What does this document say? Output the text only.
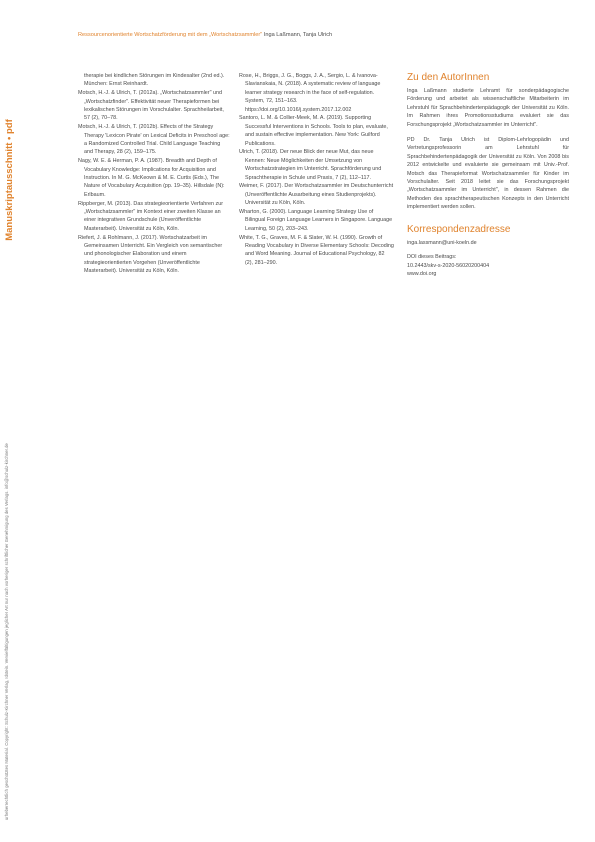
urheberrechtlich geschütztes Material. Copyright: Schulz-Kirchner Verlag, Idstein. Vervielfältigungen jeglicher Art nur nach vorheriger schriftlicher Genehmigung des Verlags. info@schulz-kirchner.de
Manuskriptausschnitt • pdf
Ressourcenorientierte Wortschatzförderung mit dem „Wortschatzsammler" Inga Laßmann, Tanja Ulrich
therapie bei kindlichen Störungen im Kindesalter (2nd ed.). München: Ernst Reinhardt.
Motsch, H.-J. & Ulrich, T. (2012a). „Wortschatzsammler" und „Wortschatzfinder". Effektivität neuer Therapieformen bei lexikalischen Störungen im Vorschulalter. Sprachheilarbeit, 57 (2), 70–78.
Motsch, H.-J. & Ulrich, T. (2012b). Effects of the Strategy Therapy 'Lexicon Pirate' on Lexical Deficits in Preschool age: a Randomized Controlled Trial. Child Language Teaching and Therapy, 28 (2), 159–175.
Nagy, W. E. & Herman, P. A. (1987). Breadth and Depth of Vocabulary Knowledge: Implications for Acquisition and Instruction. In M. G. McKeown & M. E. Curtis (Eds.), The Nature of Vocabulary Acquisition (pp. 19–35). Hillsdale (N): Erlbaum.
Rippberger, M. (2013). Das strategieorientierte Verfahren zur „Wortschatzsammler" im Kontext einer zweiten Klasse an einer integrativen Grundschule (Unveröffentlichte Masterarbeit). Universität zu Köln, Köln.
Riefert, J. & Rohlmann, J. (2017). Wortschatzarbeit im Gemeinsamen Unterricht. Ein Vergleich von semantischer und phonologischer Elaboration und einem strategieorientierten Vorgehen (Unveröffentlichte Masterarbeit). Universität zu Köln, Köln.
Rose, H., Briggs, J. G., Boggs, J. A., Sergio, L. & Ivanova-Slavianskaia, N. (2018). A systematic review of language learner strategy research in the face of self-regulation. System, 72, 151–163. https://doi.org/10.1016/j.system.2017.12.002
Santoro, L. M. & Collier-Meek, M. A. (2019). Supporting Successful Interventions in Schools. Tools to plan, evaluate, and sustain effective implementation. New York: Guilford Publications.
Ulrich, T. (2018). Der neue Blick der neue Mut, das neue Kennen: Neue Möglichkeiten der Umsetzung von Wortschatzstrategien im Unterricht. Sprachförderung und Sprachtherapie in Schule und Praxis, 7 (2), 112–117.
Weimer, F. (2017). Der Wortschatzsammler im Deutschunterricht (Unveröffentlichte Ausarbeitung eines Studienprojekts). Universität zu Köln, Köln.
Wharton, G. (2000). Language Learning Strategy Use of Bilingual Foreign Language Learners in Singapore. Language Learning, 50 (2), 203–243.
White, T. G., Graves, M. F. & Slater, W. H. (1990). Growth of Reading Vocabulary in Diverse Elementary Schools: Decoding and Word Meaning. Journal of Educational Psychology, 82 (2), 281–290.
Zu den AutorInnen
Inga Laßmann studierte Lehramt für sonderpädagogische Förderung und arbeitet als wissenschaftliche Mitarbeiterin im Lehrstuhl für Sprachbehindertenpädagogik der Universität zu Köln. Im Rahmen ihres Promotionsstudiums evaluiert sie das Forschungsprojekt „Wortschatzsammler im Unterricht".
PD Dr. Tanja Ulrich ist Diplom-Lehrlogopädin und Vertretungsprofessorin am Lehrstuhl für Sprachbehindertenpädagogik der Universität zu Köln. Von 2008 bis 2012 entwickelte und evaluierte sie gemeinsam mit Univ.-Prof. Motsch das Therapieformat Wortschatzsammler für Kinder im Vorschulalter. Seit 2018 leitet sie das Forschungsprojekt „Wortschatzsammler im Unterricht", in dessen Rahmen die Methoden des sprachtherapeutischen Konzepts in den Unterricht implementiert werden sollen.
Korrespondenzadresse
inga.lassmann@uni-koeln.de
DOI dieses Beitrags:
10.2443/skv-s-2020-56020200404
www.doi.org
